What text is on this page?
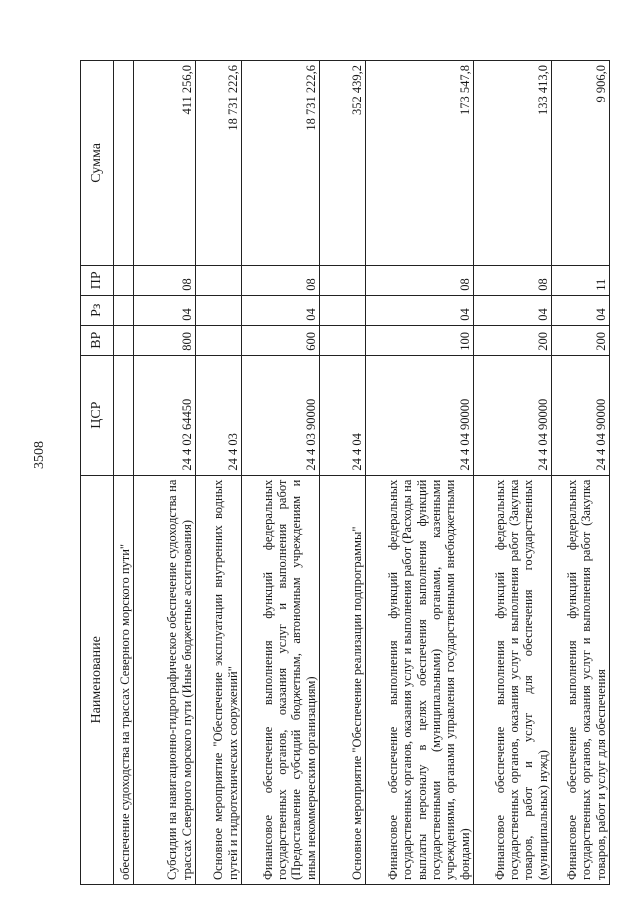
3508
Наименование	ЦСР	ВР	Рз	ПР	Сумма
обеспечение судоходства на трассах Северного морского пути"					
Субсидии на навигационно-гидрографическое обеспечение судоходства на трассах Северного морского пути (Иные бюджетные ассигнования)	24 4 02 64450	800	04	08	411 256,0
Основное мероприятие "Обеспечение эксплуатации внутренних водных путей и гидротехнических сооружений"	24 4 03				18 731 222,6
Финансовое обеспечение выполнения функций федеральных государственных органов, оказания услуг и выполнения работ (Предоставление субсидий бюджетным, автономным учреждениям и иным некоммерческим организациям)	24 4 03 90000	600	04	08	18 731 222,6
Основное мероприятие "Обеспечение реализации подпрограммы"	24 4 04				352 439,2
Финансовое обеспечение выполнения функций федеральных государственных органов, оказания услуг и выполнения работ (Расходы на выплаты персоналу в целях обеспечения выполнения функций государственными (муниципальными) органами, казенными учреждениями, органами управления государственными внебюджетными фондами)	24 4 04 90000	100	04	08	173 547,8
Финансовое обеспечение выполнения функций федеральных государственных органов, оказания услуг и выполнения работ (Закупка товаров, работ и услуг для обеспечения государственных (муниципальных) нужд)	24 4 04 90000	200	04	08	133 413,0
Финансовое обеспечение выполнения функций федеральных государственных органов, оказания услуг и выполнения работ (Закупка товаров, работ и услуг для обеспечения	24 4 04 90000	200	04	11	9 906,0
